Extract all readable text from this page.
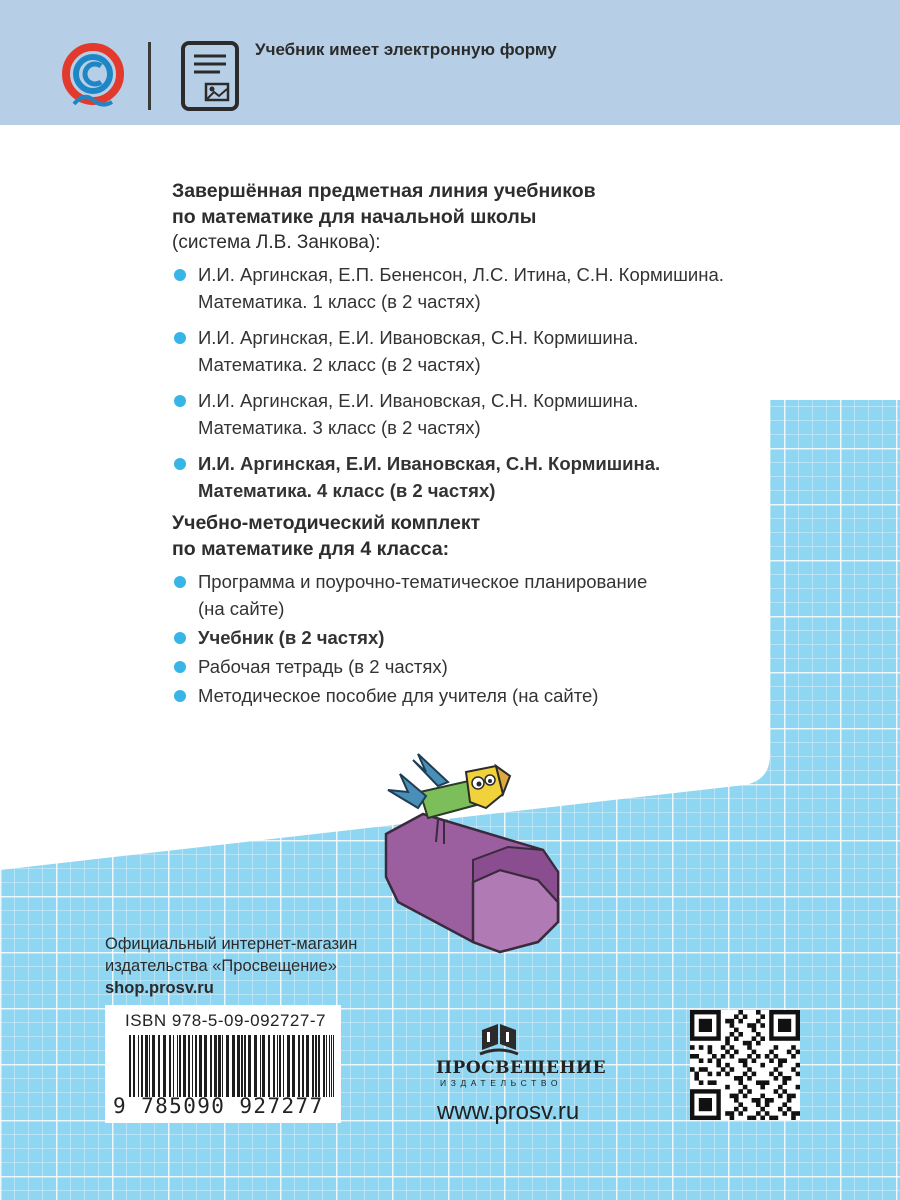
Учебник имеет электронную форму
Завершённая предметная линия учебников
по математике для начальной школы
(система Л.В. Занкова):
И.И. Аргинская, Е.П. Бененсон, Л.С. Итина, С.Н. Кормишина.
Математика. 1 класс (в 2 частях)
И.И. Аргинская, Е.И. Ивановская, С.Н. Кормишина.
Математика. 2 класс (в 2 частях)
И.И. Аргинская, Е.И. Ивановская, С.Н. Кормишина.
Математика. 3 класс (в 2 частях)
И.И. Аргинская, Е.И. Ивановская, С.Н. Кормишина.
Математика. 4 класс (в 2 частях)
Учебно-методический комплект
по математике для 4 класса:
Программа и поурочно-тематическое планирование
(на сайте)
Учебник (в 2 частях)
Рабочая тетрадь (в 2 частях)
Методическое пособие для учителя (на сайте)
Официальный интернет-магазин
издательства «Просвещение»
shop.prosv.ru
ISBN 978-5-09-092727-7
9 785090 927277
ПРОСВЕЩЕНИЕ
ИЗДАТЕЛЬСТВО
www.prosv.ru
